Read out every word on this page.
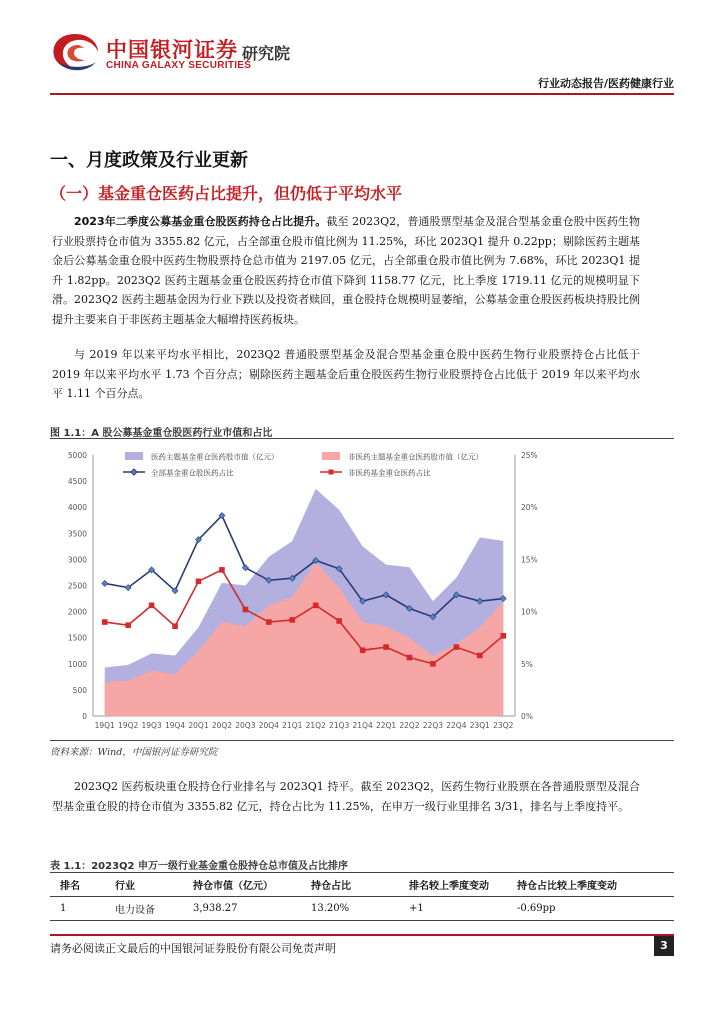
中国银河证券
CHINA GALAXY SECURITIES
研究院
行业动态报告/医药健康行业
一、月度政策及行业更新
（一）基金重仓医药占比提升，但仍低于平均水平
2023年二季度公募基金重仓股医药持仓占比提升。截至 2023Q2，普通股票型基金及混合型基金重仓股中医药生物行业股票持仓市值为 3355.82 亿元，占全部重仓股市值比例为 11.25%，环比 2023Q1 提升 0.22pp；剔除医药主题基金后公募基金重仓股中医药生物股票持仓总市值为 2197.05 亿元，占全部重仓股市值比例为 7.68%，环比 2023Q1 提升 1.82pp。2023Q2 医药主题基金重仓股医药持仓市值下降到 1158.77 亿元，比上季度 1719.11 亿元的规模明显下滑。2023Q2 医药主题基金因为行业下跌以及投资者赎回，重仓股持仓规模明显萎缩，公募基金重仓股医药板块持股比例提升主要来自于非医药主题基金大幅增持医药板块。
与 2019 年以来平均水平相比，2023Q2 普通股票型基金及混合型基金重仓股中医药生物行业股票持仓占比低于 2019 年以来平均水平 1.73 个百分点；剔除医药主题基金后重仓股医药生物行业股票持仓占比低于 2019 年以来平均水平 1.11 个百分点。
图 1.1：A 股公募基金重仓股医药行业市值和占比
0
500
1000
1500
2000
2500
3000
3500
4000
4500
5000
0%
5%
10%
15%
20%
25%
19Q1 19Q2 19Q3 19Q4 20Q1 20Q2 20Q3 20Q4 21Q1 21Q2 21Q3 21Q4 22Q1 22Q2 22Q3 22Q4 23Q1 23Q2
医药主题基金重仓医药股市值（亿元）	非医药主题基金重仓医药股市值（亿元）
全部基金重仓股医药占比	非医药基金重仓医药占比
资料来源：Wind，中国银河证券研究院
2023Q2 医药板块重仓股持仓行业排名与 2023Q1 持平。截至 2023Q2，医药生物行业股票在各普通股票型及混合型基金重仓股的持仓市值为 3355.82 亿元，持仓占比为 11.25%，在申万一级行业里排名 3/31，排名与上季度持平。
表 1.1：2023Q2 申万一级行业基金重仓股持仓总市值及占比排序
排名	行业	持仓市值（亿元）	持仓占比	排名较上季度变动	持仓占比较上季度变动
1	电力设备	3,938.27	13.20%	+1	-0.69pp
请务必阅读正文最后的中国银河证券股份有限公司免责声明	3
